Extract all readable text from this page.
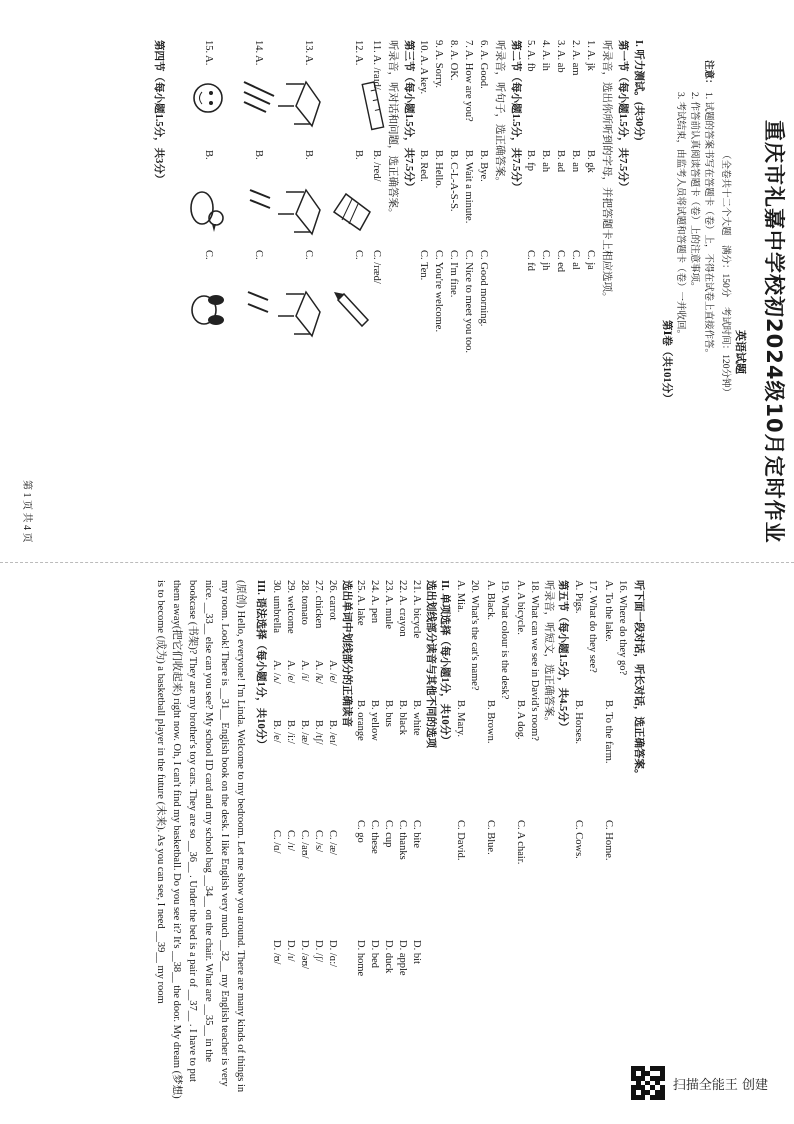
重庆市礼嘉中学校初2024级10月定时作业
英语试题
（全卷共十二个大题　满分：150分　考试时间：120分钟）
注意：
1. 试题的答案书写在答题卡（卷）上，不得在试卷上直接作答。
2. 作答前认真阅读答题卡（卷）上的注意事项。
3. 考试结束，由监考人员将试题和答题卡（卷）一并收回。
第Ⅰ卷（共101分）
(原创) Hello, everyone! I'm Linda. Welcome to my bedroom. Let me show you around. There are many kinds of things in my room. Look! There is __31__ English book on the desk. I like English very much __32__ my English teacher is very nice. __33__ else can you see? My school ID card and my school bag __34__ on the chair. What are __35__ in the bookcase (书架)? They are my brother's toy cars. They are so __36__ . Under the bed is a pair of __37__ . I have to put them away(把它们收起来) right now. Oh, I can't find my basketball. Do you see it? It's __38__ the door. My dream (梦想) is to become (成为) a basketball player in the future (未来). As you can see, I need __39__ my room
第 1 页 共 4 页
I. 听力测试。(共30分)
第一节（每小题1.5分，共7.5分）
听录音，选出你所听到的字母，并把答题卡上相应选项。
1. A. jk
B. gk
C. ja
2. A. am
B. an
C. al
3. A. ab
B. ad
C. ed
4. A. ih
B. ah
C. jh
5. A. fb
B. fp
C. fd
第二节（每小题1.5分，共7.5分）
听录音，听句子，选正确答案。
6. A. Good.
B. Bye.
C. Good morning.
7. A. How are you?
B. Wait a minute.
C. Nice to meet you too.
8. A. OK.
B. C-L-A-S-S.
C. I'm fine.
9. A. Sorry.
B. Hello.
C. You're welcome.
10. A. A key.
B. Red.
C. Ten.
第三节（每小题1.5分，共7.5分）
听录音，听对话和问题，选正确答案。
11. A. /raɪd/
B. /red/
C. /ræd/
12. A.
B.
C.
13. A.
B.
C.
14. A.
B.
C.
15. A.
B.
C.
第四节（每小题1.5分，共3分）
听下面一段对话，听长对话，选正确答案。
16. Where do they go?
A. To the lake.
B. To the farm.
C. Home.
17. What do they see?
A. Pigs.
B. Horses.
C. Cows.
第五节（每小题1.5分，共4.5分）
听录音，听短文，选正确答案。
18. What can we see in David's room?
A. A bicycle.
B. A dog.
C. A chair.
19. What colour is the desk?
A. Black.
B. Brown.
C. Blue.
20. What's the cat's name?
A. Mia.
B. Mary.
C. David.
II. 单项选择（每小题1分，共10分）
选出划线部分读音与其他不同的选项
21. A. bicycle
B. white
C. bite
D. bit
22. A. crayon
B. black
C. thanks
D. apple
23. A. mule
B. bus
C. cup
D. duck
24. A. pen
B. yellow
C. these
D. bed
25. A. lake
B. orange
C. go
D. home
选出单词中划线部分的正确读音
26. carrot
A. /e/
B. /eɪ/
C. /æ/
D. /ɑ:/
27. chicken
A. /k/
B. /tʃ/
C. /s/
D. /ʃ/
28. tomato
A. /i/
B. /æ/
C. /aʊ/
D. /əʊ/
29. welcome
A. /e/
B. /i:/
C. /ɪ/
D. /ɪ/
30. umbrella
A. /ʌ/
B. /e/
C. /ɑ/
D. /ʊ/
III. 语法选择（每小题1分，共10分）
扫描全能王 创建
